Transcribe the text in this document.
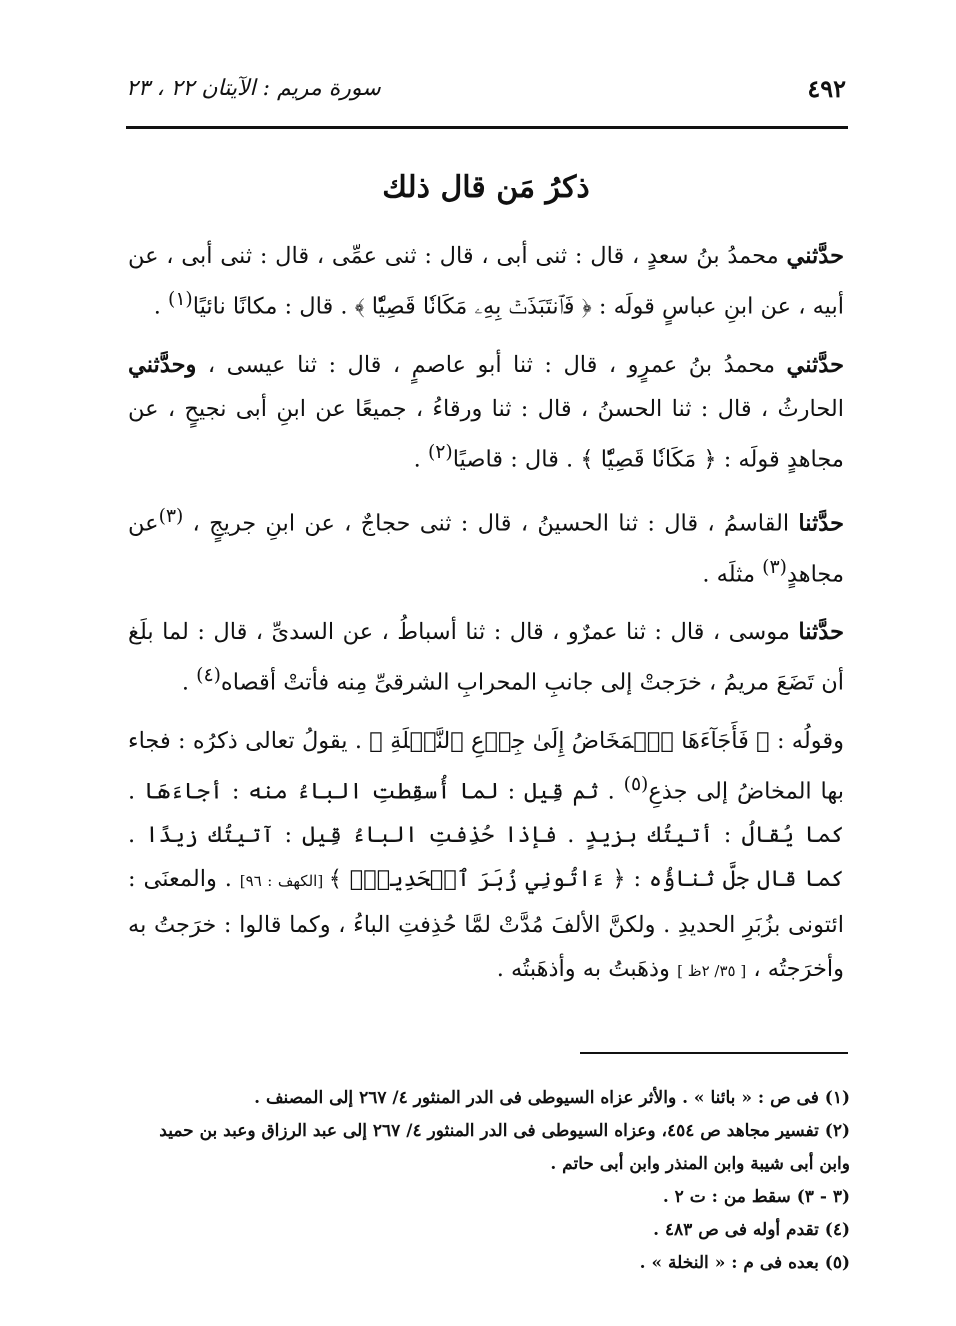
٤٩٢
سورة مريم : الآيتان ٢٢ ، ٢٣
ذكرُ مَن قال ذلك

حدَّثني محمدُ بنُ سعدٍ ، قال : ثنى أبى ، قال : ثنى عمِّى ، قال : ثنى أبى ، عن أبيه ، عن ابنِ عباسٍ قولَه : ﴿ فَٱنتَبَذَتۡ بِهِۦ مَكَانٗا قَصِيّٗا ﴾ . قال : مكانًا نائيًا$^{(١)}$ .

حدَّثني محمدُ بنُ عمرٍو ، قال : ثنا أبو عاصمٍ ، قال : ثنا عيسى ، وحدَّثني الحارثُ ، قال : ثنا الحسنُ ، قال : ثنا ورقاءُ ، جميعًا عن ابنِ أبى نجيحٍ ، عن مجاهدٍ قولَه : ﴿ مَكَانٗا قَصِيّٗا ﴾ . قال : قاصيًا$^{(٢)}$ .

حدَّثنا القاسمُ ، قال : ثنا الحسينُ ، قال : ثنى حجاجٌ ، عن ابنِ جريجٍ ، $^{(٣)}$عن مجاهدٍ$^{(٣)}$ مثلَه .

حدَّثنا موسى ، قال : ثنا عمرٌو ، قال : ثنا أسباطُ ، عن السدىِّ ، قال : لما بلَغ أن تَضَعَ مريمُ ، خرَجتْ إلى جانبِ المحرابِ الشرقىِّ مِنه فأتتْ أقصاه$^{(٤)}$ .

وقولُه : ﴿ فَأَجَآءَهَا ٱلۡمَخَاضُ إِلَىٰ جِذۡعِ ٱلنَّخۡلَةِ ﴾ . يقولُ تعالى ذكرُه : فجاء بها المخاضُ إلى جذعِ$^{(٥)}$ . ثم قِيل : لما أُسقِطتِ الباءُ منه : أجاءَهَا . كما يُقالُ : أتيتُك بزيدٍ . فإذا حُذِفتِ الباءُ قِيل : آتيتُك زيدًا . كما قال جلَّ ثناؤُه : ﴿ ءَاتُونِي زُبَرَ ٱلۡحَدِيدِۖ ﴾ [الكهف : ٩٦] . والمعنَى : ائتونى بزُبَرِ الحديدِ . ولكنَّ الألفَ مُدَّتْ لمَّا حُذِفتِ الباءُ ، وكما قالوا : خرَجتُ به وأخرَجتُه ، [ ٣٥/ ٢ظ ] وذهَبتُ به وأذهَبتُه .

(١) فى ص : « بائنا » . والأثر عزاه السيوطى فى الدر المنثور ٤/ ٢٦٧ إلى المصنف .
(٢) تفسير مجاهد ص ٤٥٤، وعزاه السيوطى فى الدر المنثور ٤/ ٢٦٧ إلى عبد الرزاق وعبد بن حميد وابن أبى شيبة وابن المنذر وابن أبى حاتم .
(٣ - ٣) سقط من : ت ٢ .
(٤) تقدم أوله فى ص ٤٨٣ .
(٥) بعده فى م : « النخلة » .
